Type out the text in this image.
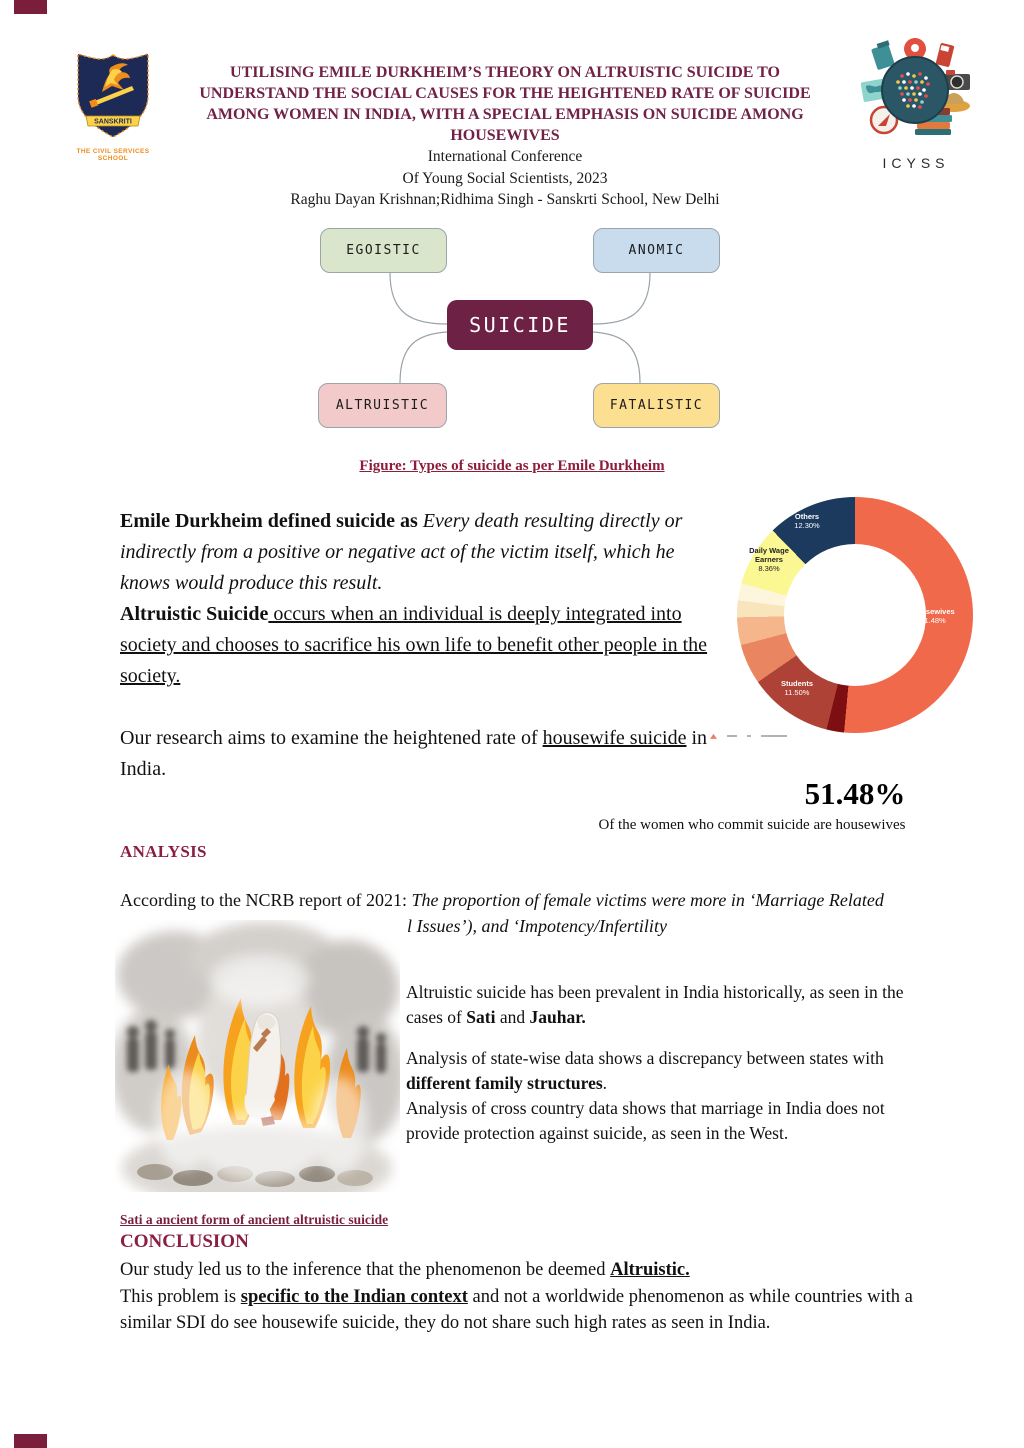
SANSKRITI
THE CIVIL SERVICES SCHOOL
UTILISING EMILE DURKHEIM’S THEORY ON ALTRUISTIC SUICIDE TO
UNDERSTAND THE SOCIAL CAUSES FOR THE HEIGHTENED RATE OF SUICIDE
AMONG WOMEN IN INDIA, WITH A SPECIAL EMPHASIS ON SUICIDE AMONG
HOUSEWIVES
International Conference
Of Young Social Scientists, 2023
Raghu Dayan Krishnan;Ridhima Singh - Sanskrti School, New Delhi
ICYSS
EGOISTIC	ANOMIC
SUICIDE
ALTRUISTIC	FATALISTIC
Figure: Types of suicide as per Emile Durkheim
Emile Durkheim defined suicide as Every death resulting directly or indirectly from a positive or negative act of the victim itself, which he knows would produce this result.
Altruistic Suicide occurs when an individual is deeply integrated into society and chooses to sacrifice his own life to benefit other people in the society.
Our research aims to examine the heightened rate of housewife suicide in India.
Housewives
51.48%
Others
12.30%
Daily Wage Earners
8.36%
Students
11.50%

51.48%
Of the women who commit suicide are housewives
ANALYSIS
According to the NCRB report of 2021: The proportion of female victims were more in ‘Marriage Related
l Issues’), and ‘Impotency/Infertility
Altruistic suicide has been prevalent in India historically, as seen in the cases of Sati and Jauhar.
Analysis of state-wise data shows a discrepancy between states with different family structures.
Analysis of cross country data shows that marriage in India does not provide protection against suicide, as seen in the West.
Sati a ancient form of ancient altruistic suicide
CONCLUSION
Our study led us to the inference that the phenomenon be deemed Altruistic.
This problem is specific to the Indian context and not a worldwide phenomenon as while countries with a similar SDI do see housewife suicide, they do not share such high rates as seen in India.
